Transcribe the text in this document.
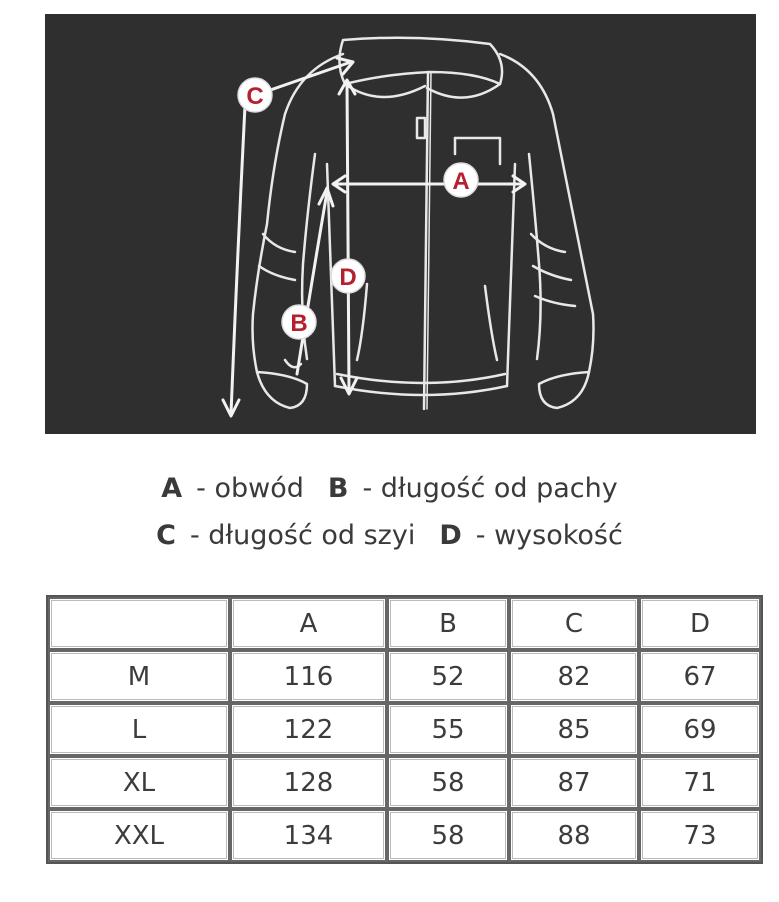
C
A
D
B
A - obwód B - długość od pachy
C - długość od szyi D - wysokość
	A	B	C	D
M	116	52	82	67
L	122	55	85	69
XL	128	58	87	71
XXL	134	58	88	73
